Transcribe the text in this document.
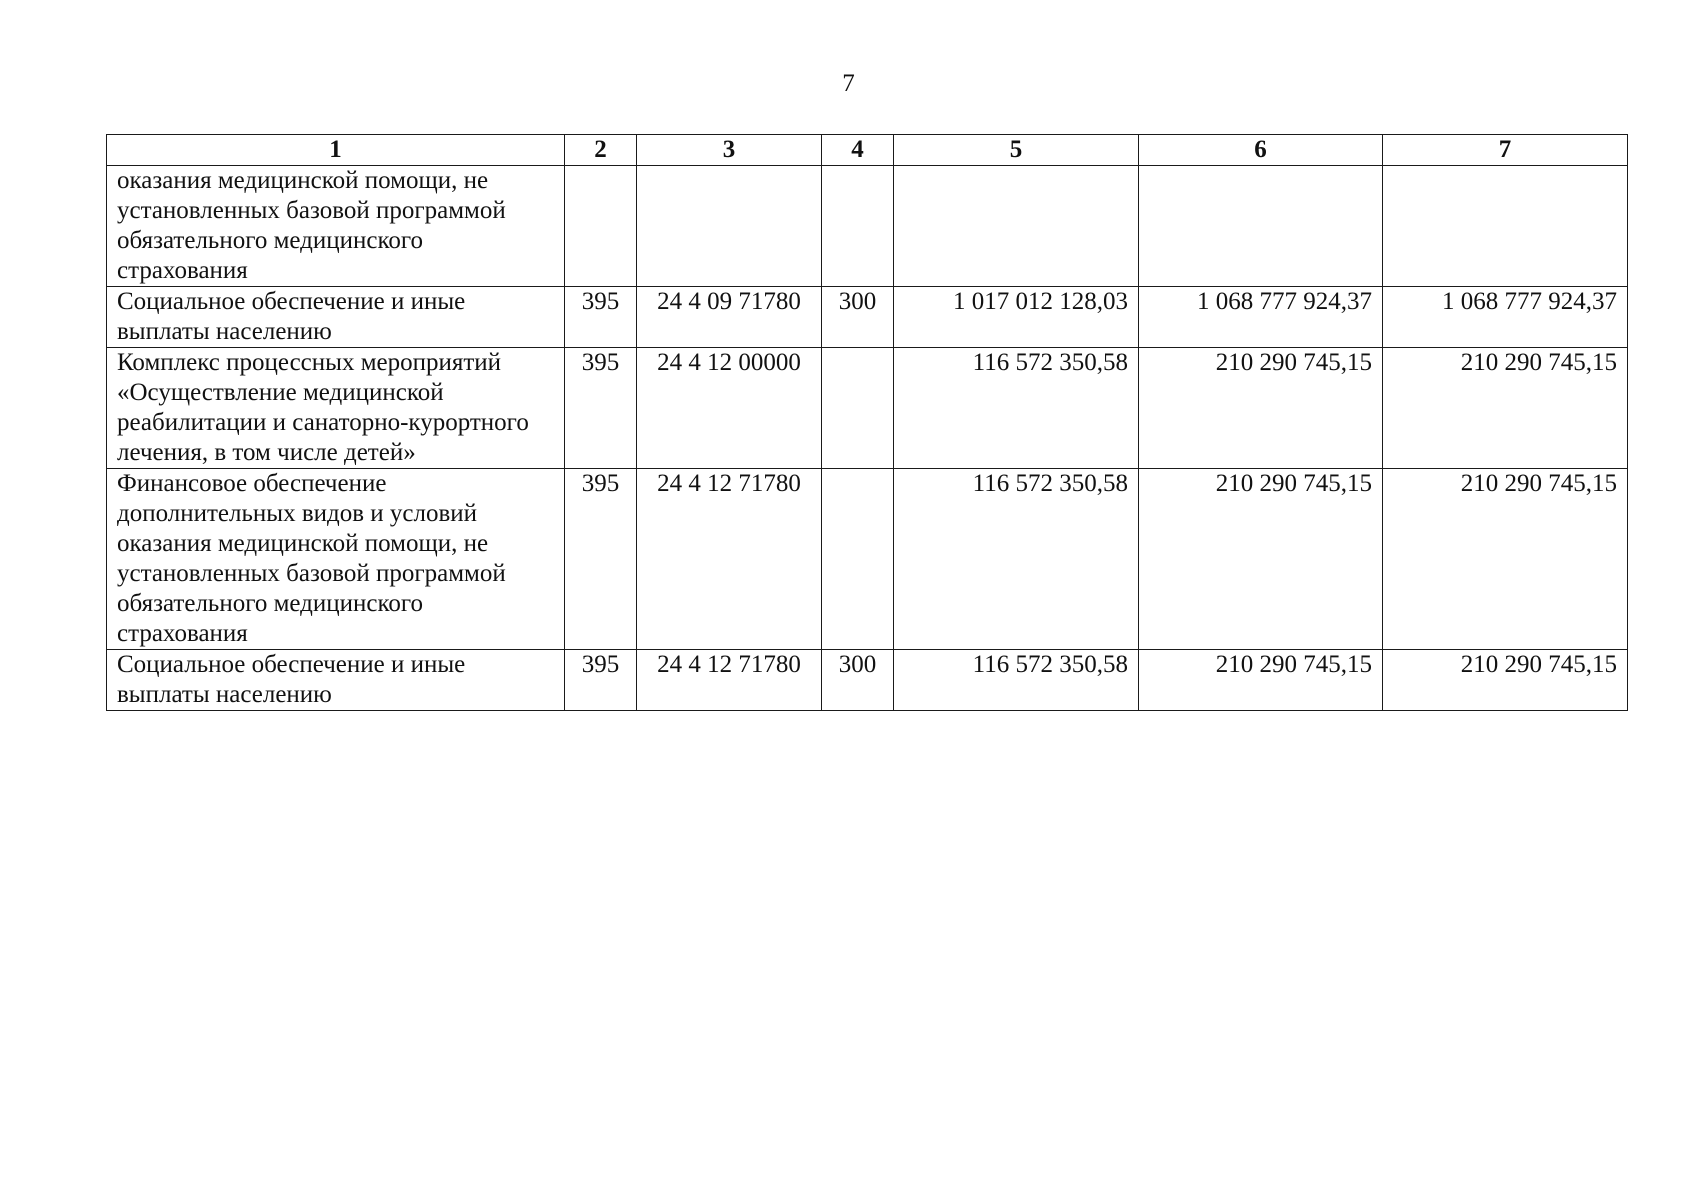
7
1	2	3	4	5	6	7
оказания медицинской помощи, не установленных базовой программой обязательного медицинского страхования						
Социальное обеспечение и иные выплаты населению	395	24 4 09 71780	300	1 017 012 128,03	1 068 777 924,37	1 068 777 924,37
Комплекс процессных мероприятий «Осуществление медицинской реабилитации и санаторно-курортного лечения, в том числе детей»	395	24 4 12 00000		116 572 350,58	210 290 745,15	210 290 745,15
Финансовое обеспечение дополнительных видов и условий оказания медицинской помощи, не установленных базовой программой обязательного медицинского страхования	395	24 4 12 71780		116 572 350,58	210 290 745,15	210 290 745,15
Социальное обеспечение и иные выплаты населению	395	24 4 12 71780	300	116 572 350,58	210 290 745,15	210 290 745,15
